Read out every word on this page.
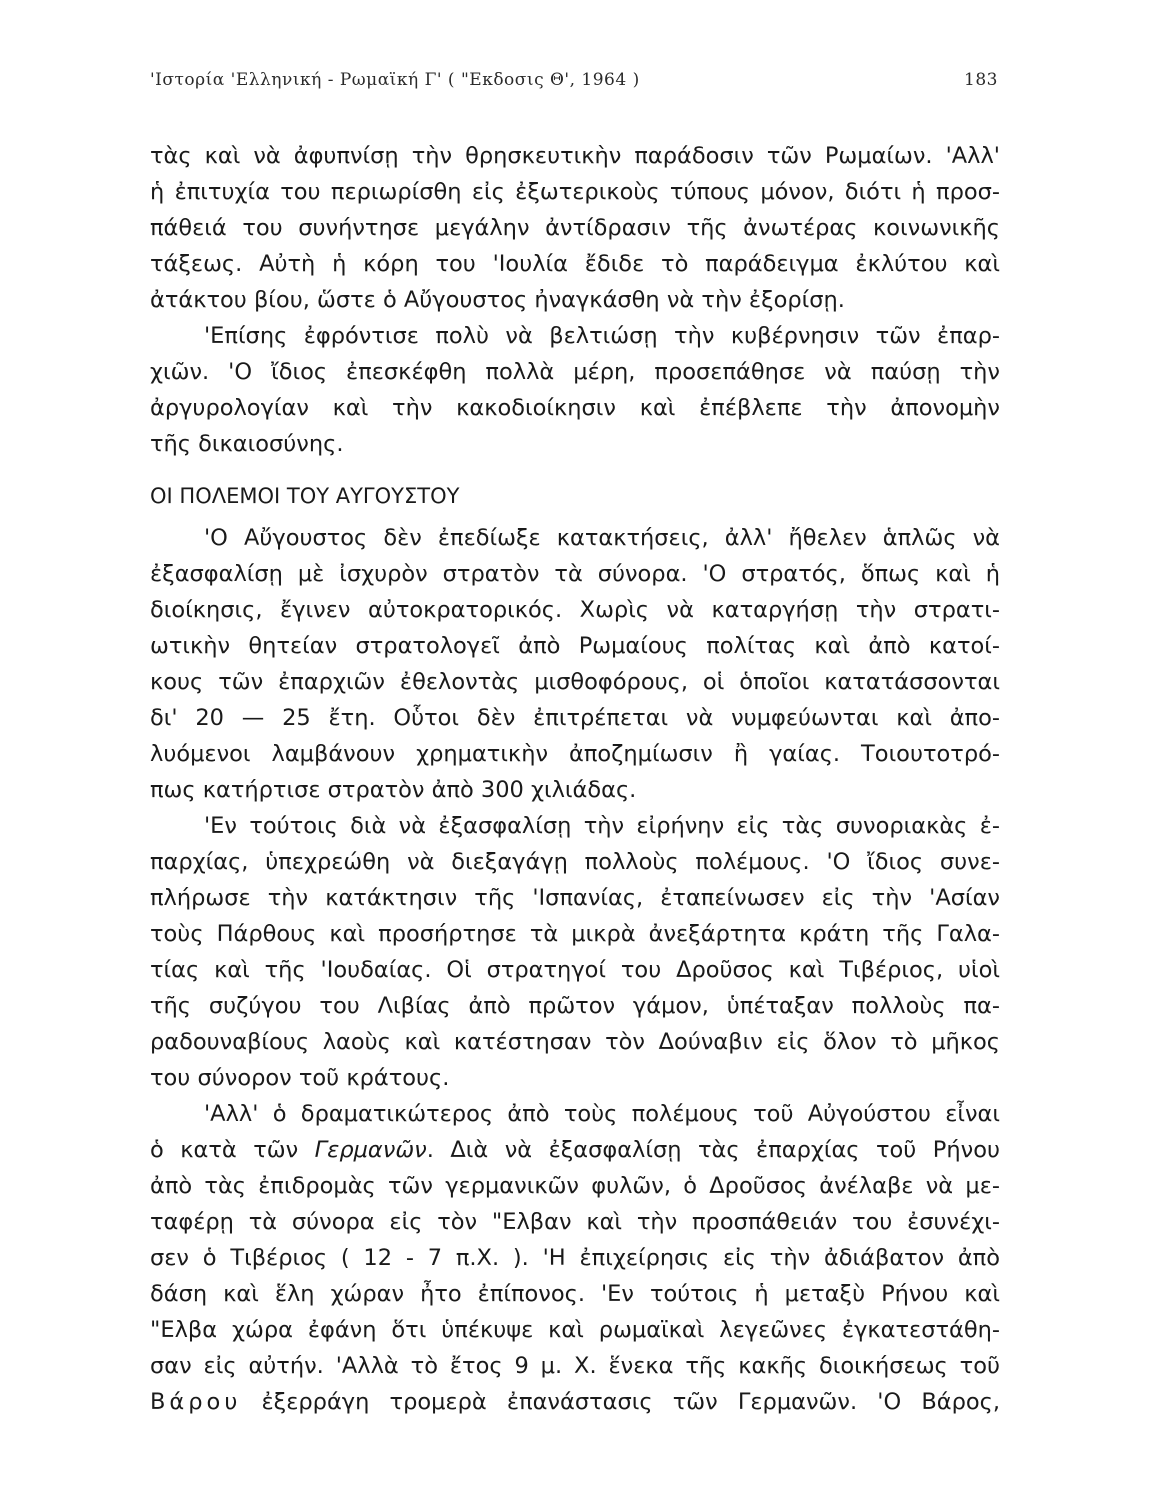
'Ιστορία 'Ελληνική - Ρωμαϊκή Γ' ( "Εκδοσις Θ', 1964 )	183
τὰς καὶ νὰ ἀφυπνίσῃ τὴν θρησκευτικὴν παράδοσιν τῶν Ρωμαίων. 'Αλλ'
ἡ ἐπιτυχία του περιωρίσθη εἰς ἐξωτερικοὺς τύπους μόνον, διότι ἡ προσ-
πάθειά του συνήντησε μεγάλην ἀντίδρασιν τῆς ἀνωτέρας κοινωνικῆς
τάξεως. Αὐτὴ ἡ κόρη του 'Ιουλία ἔδιδε τὸ παράδειγμα ἐκλύτου καὶ
ἀτάκτου βίου, ὥστε ὁ Αὔγουστος ἠναγκάσθη νὰ τὴν ἐξορίσῃ.
'Επίσης ἐφρόντισε πολὺ νὰ βελτιώσῃ τὴν κυβέρνησιν τῶν ἐπαρ-
χιῶν. 'Ο ἴδιος ἐπεσκέφθη πολλὰ μέρη, προσεπάθησε νὰ παύσῃ τὴν
ἀργυρολογίαν καὶ τὴν κακοδιοίκησιν καὶ ἐπέβλεπε τὴν ἀπονομὴν
τῆς δικαιοσύνης.
ΟΙ ΠΟΛΕΜΟΙ ΤΟΥ ΑΥΓΟΥΣΤΟΥ
'Ο Αὔγουστος δὲν ἐπεδίωξε κατακτήσεις, ἀλλ' ἤθελεν ἁπλῶς νὰ
ἐξασφαλίσῃ μὲ ἰσχυρὸν στρατὸν τὰ σύνορα. 'Ο στρατός, ὅπως καὶ ἡ
διοίκησις, ἔγινεν αὐτοκρατορικός. Χωρὶς νὰ καταργήσῃ τὴν στρατι-
ωτικὴν θητείαν στρατολογεῖ ἀπὸ Ρωμαίους πολίτας καὶ ἀπὸ κατοί-
κους τῶν ἐπαρχιῶν ἐθελοντὰς μισθοφόρους, οἱ ὁποῖοι κατατάσσονται
δι' 20 — 25 ἔτη. Οὗτοι δὲν ἐπιτρέπεται νὰ νυμφεύωνται καὶ ἀπο-
λυόμενοι λαμβάνουν χρηματικὴν ἀποζημίωσιν ἢ γαίας. Τοιουτοτρό-
πως κατήρτισε στρατὸν ἀπὸ 300 χιλιάδας.
'Εν τούτοις διὰ νὰ ἐξασφαλίσῃ τὴν εἰρήνην εἰς τὰς συνοριακὰς ἐ-
παρχίας, ὑπεχρεώθη νὰ διεξαγάγῃ πολλοὺς πολέμους. 'Ο ἴδιος συνε-
πλήρωσε τὴν κατάκτησιν τῆς 'Ισπανίας, ἐταπείνωσεν εἰς τὴν 'Ασίαν
τοὺς Πάρθους καὶ προσήρτησε τὰ μικρὰ ἀνεξάρτητα κράτη τῆς Γαλα-
τίας καὶ τῆς 'Ιουδαίας. Οἱ στρατηγοί του Δροῦσος καὶ Τιβέριος, υἱοὶ
τῆς συζύγου του Λιβίας ἀπὸ πρῶτον γάμον, ὑπέταξαν πολλοὺς πα-
ραδουναβίους λαοὺς καὶ κατέστησαν τὸν Δούναβιν εἰς ὅλον τὸ μῆκος
του σύνορον τοῦ κράτους.
'Αλλ' ὁ δραματικώτερος ἀπὸ τοὺς πολέμους τοῦ Αὐγούστου εἶναι
ὁ κατὰ τῶν Γερμανῶν. Διὰ νὰ ἐξασφαλίσῃ τὰς ἐπαρχίας τοῦ Ρήνου
ἀπὸ τὰς ἐπιδρομὰς τῶν γερμανικῶν φυλῶν, ὁ Δροῦσος ἀνέλαβε νὰ με-
ταφέρῃ τὰ σύνορα εἰς τὸν "Ελβαν καὶ τὴν προσπάθειάν του ἐσυνέχι-
σεν ὁ Τιβέριος ( 12 - 7 π.Χ. ). 'Η ἐπιχείρησις εἰς τὴν ἀδιάβατον ἀπὸ
δάση καὶ ἕλη χώραν ἦτο ἐπίπονος. 'Εν τούτοις ἡ μεταξὺ Ρήνου καὶ
"Ελβα χώρα ἐφάνη ὅτι ὑπέκυψε καὶ ρωμαϊκαὶ λεγεῶνες ἐγκατεστάθη-
σαν εἰς αὐτήν. 'Αλλὰ τὸ ἔτος 9 μ. Χ. ἕνεκα τῆς κακῆς διοικήσεως τοῦ
Βάρου ἐξερράγη τρομερὰ ἐπανάστασις τῶν Γερμανῶν. 'Ο Βάρος,
